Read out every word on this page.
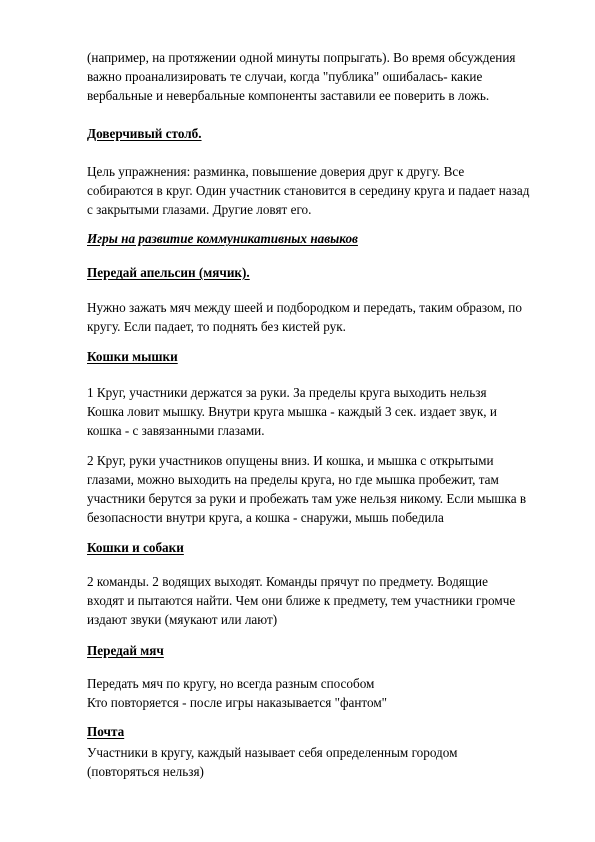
(например, на протяжении одной минуты попрыгать). Во время обсуждения
важно проанализировать те случаи, когда "публика" ошибалась- какие
вербальные и невербальные компоненты заставили ее поверить в ложь.
Доверчивый столб.
Цель упражнения: разминка, повышение доверия друг к другу. Все
собираются в круг. Один участник становится в середину круга и падает назад
с закрытыми глазами. Другие ловят его.
Игры на развитие коммуникативных навыков
Передай апельсин (мячик).
Нужно зажать мяч между шеей и подбородком и передать, таким образом, по
кругу. Если падает, то поднять без кистей рук.
Кошки мышки
1 Круг, участники держатся за руки. За пределы круга выходить нельзя
Кошка ловит мышку. Внутри круга мышка - каждый 3 сек. издает звук, и
кошка - с завязанными глазами.
2 Круг, руки участников опущены вниз. И кошка, и мышка с открытыми
глазами, можно выходить на пределы круга, но где мышка пробежит, там
участники берутся за руки и пробежать там уже нельзя никому. Если мышка в
безопасности внутри круга, а кошка - снаружи, мышь победила
Кошки и собаки
2 команды. 2 водящих выходят. Команды прячут по предмету. Водящие
входят и пытаются найти. Чем они ближе к предмету, тем участники громче
издают звуки (мяукают или лают)
Передай мяч
Передать мяч по кругу, но всегда разным способом
Кто повторяется - после игры наказывается "фантом"
Почта
Участники в кругу, каждый называет себя определенным городом
(повторяться нельзя)
